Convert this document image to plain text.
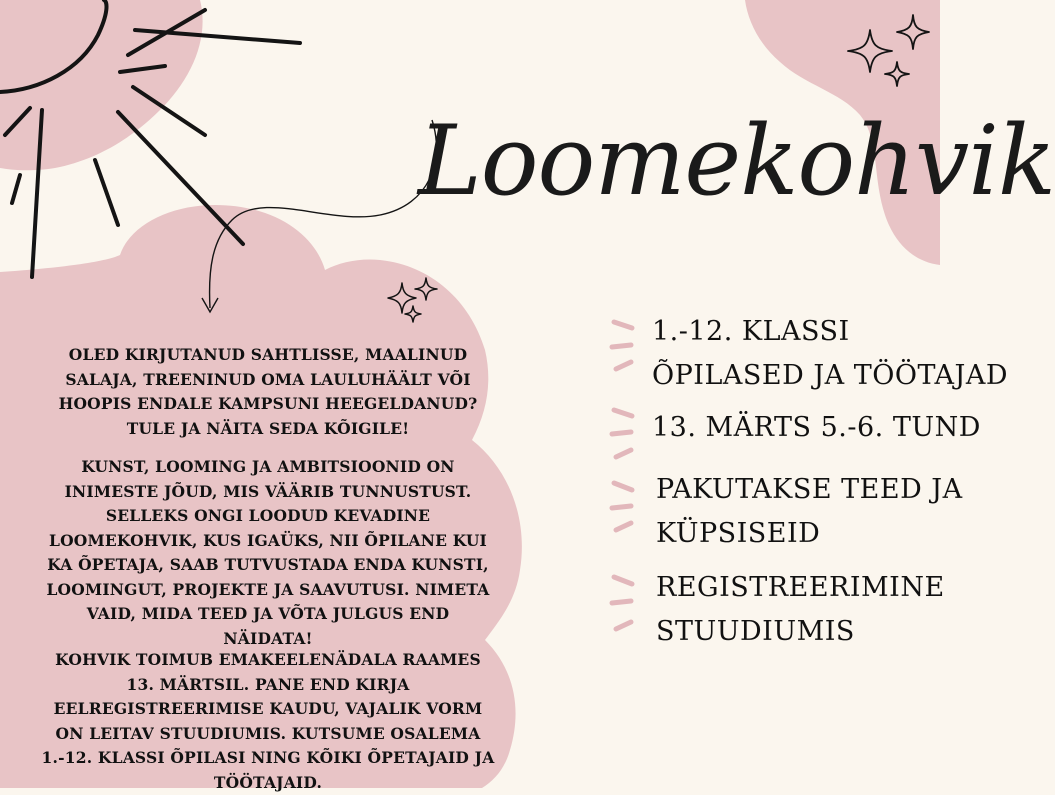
Loomekohvik

OLED KIRJUTANUD SAHTLISSE, MAALINUD SALAJA, TREENINUD OMA LAULUHÄÄLT VÕI HOOPIS ENDALE KAMPSUNI HEEGELDANUD? TULE JA NÄITA SEDA KÕIGILE!

KUNST, LOOMING JA AMBITSIOONID ON INIMESTE JÕUD, MIS VÄÄRIB TUNNUSTUST. SELLEKS ONGI LOODUD KEVADINE LOOMEKOHVIK, KUS IGAÜKS, NII ÕPILANE KUI KA ÕPETAJA, SAAB TUTVUSTADA ENDA KUNSTI, LOOMINGUT, PROJEKTE JA SAAVUTUSI. NIMETA VAID, MIDA TEED JA VÕTA JULGUS END NÄIDATA!

KOHVIK TOIMUB EMAKEELENÄDALA RAAMES 13. MÄRTSIL. PANE END KIRJA EELREGISTREERIMISE KAUDU, VAJALIK VORM ON LEITAV STUUDIUMIS. KUTSUME OSALEMA 1.-12. KLASSI ÕPILASI NING KÕIKI ÕPETAJAID JA TÖÖTAJAID.

1.-12. KLASSI
ÕPILASED JA TÖÖTAJAD

13. MÄRTS 5.-6. TUND

PAKUTAKSE TEED JA
KÜPSISEID

REGISTREERIMINE
STUUDIUMIS
